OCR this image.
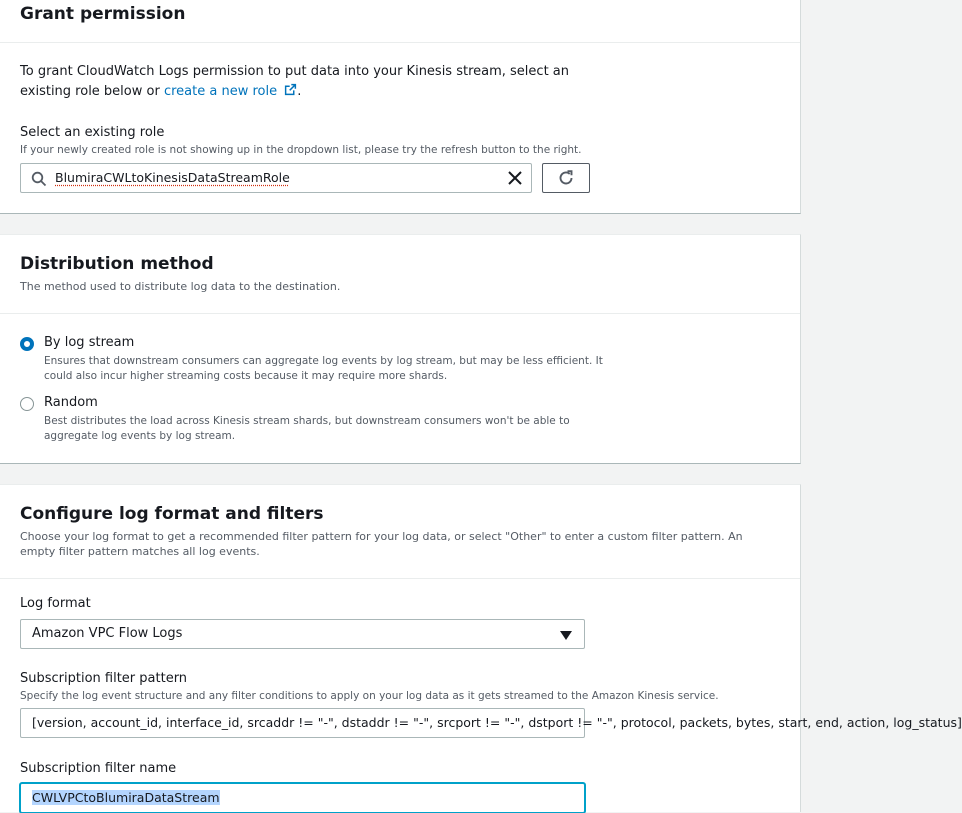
Grant permission

To grant CloudWatch Logs permission to put data into your Kinesis stream, select an existing role below or create a new role .

Select an existing role
If your newly created role is not showing up in the dropdown list, please try the refresh button to the right.
BlumiraCWLtoKinesisDataStreamRole
Distribution method

The method used to distribute log data to the destination.

By log stream

Ensures that downstream consumers can aggregate log events by log stream, but may be less efficient. It could also incur higher streaming costs because it may require more shards.

Random

Best distributes the load across Kinesis stream shards, but downstream consumers won't be able to aggregate log events by log stream.

Configure log format and filters

Choose your log format to get a recommended filter pattern for your log data, or select "Other" to enter a custom filter pattern. An empty filter pattern matches all log events.

Log format
Amazon VPC Flow Logs
Subscription filter pattern
Specify the log event structure and any filter conditions to apply on your log data as it gets streamed to the Amazon Kinesis service.
[version, account_id, interface_id, srcaddr != "-", dstaddr != "-", srcport != "-", dstport != "-", protocol, packets, bytes, start, end, action, log_status]
Subscription filter name
CWLVPCtoBlumiraDataStream
